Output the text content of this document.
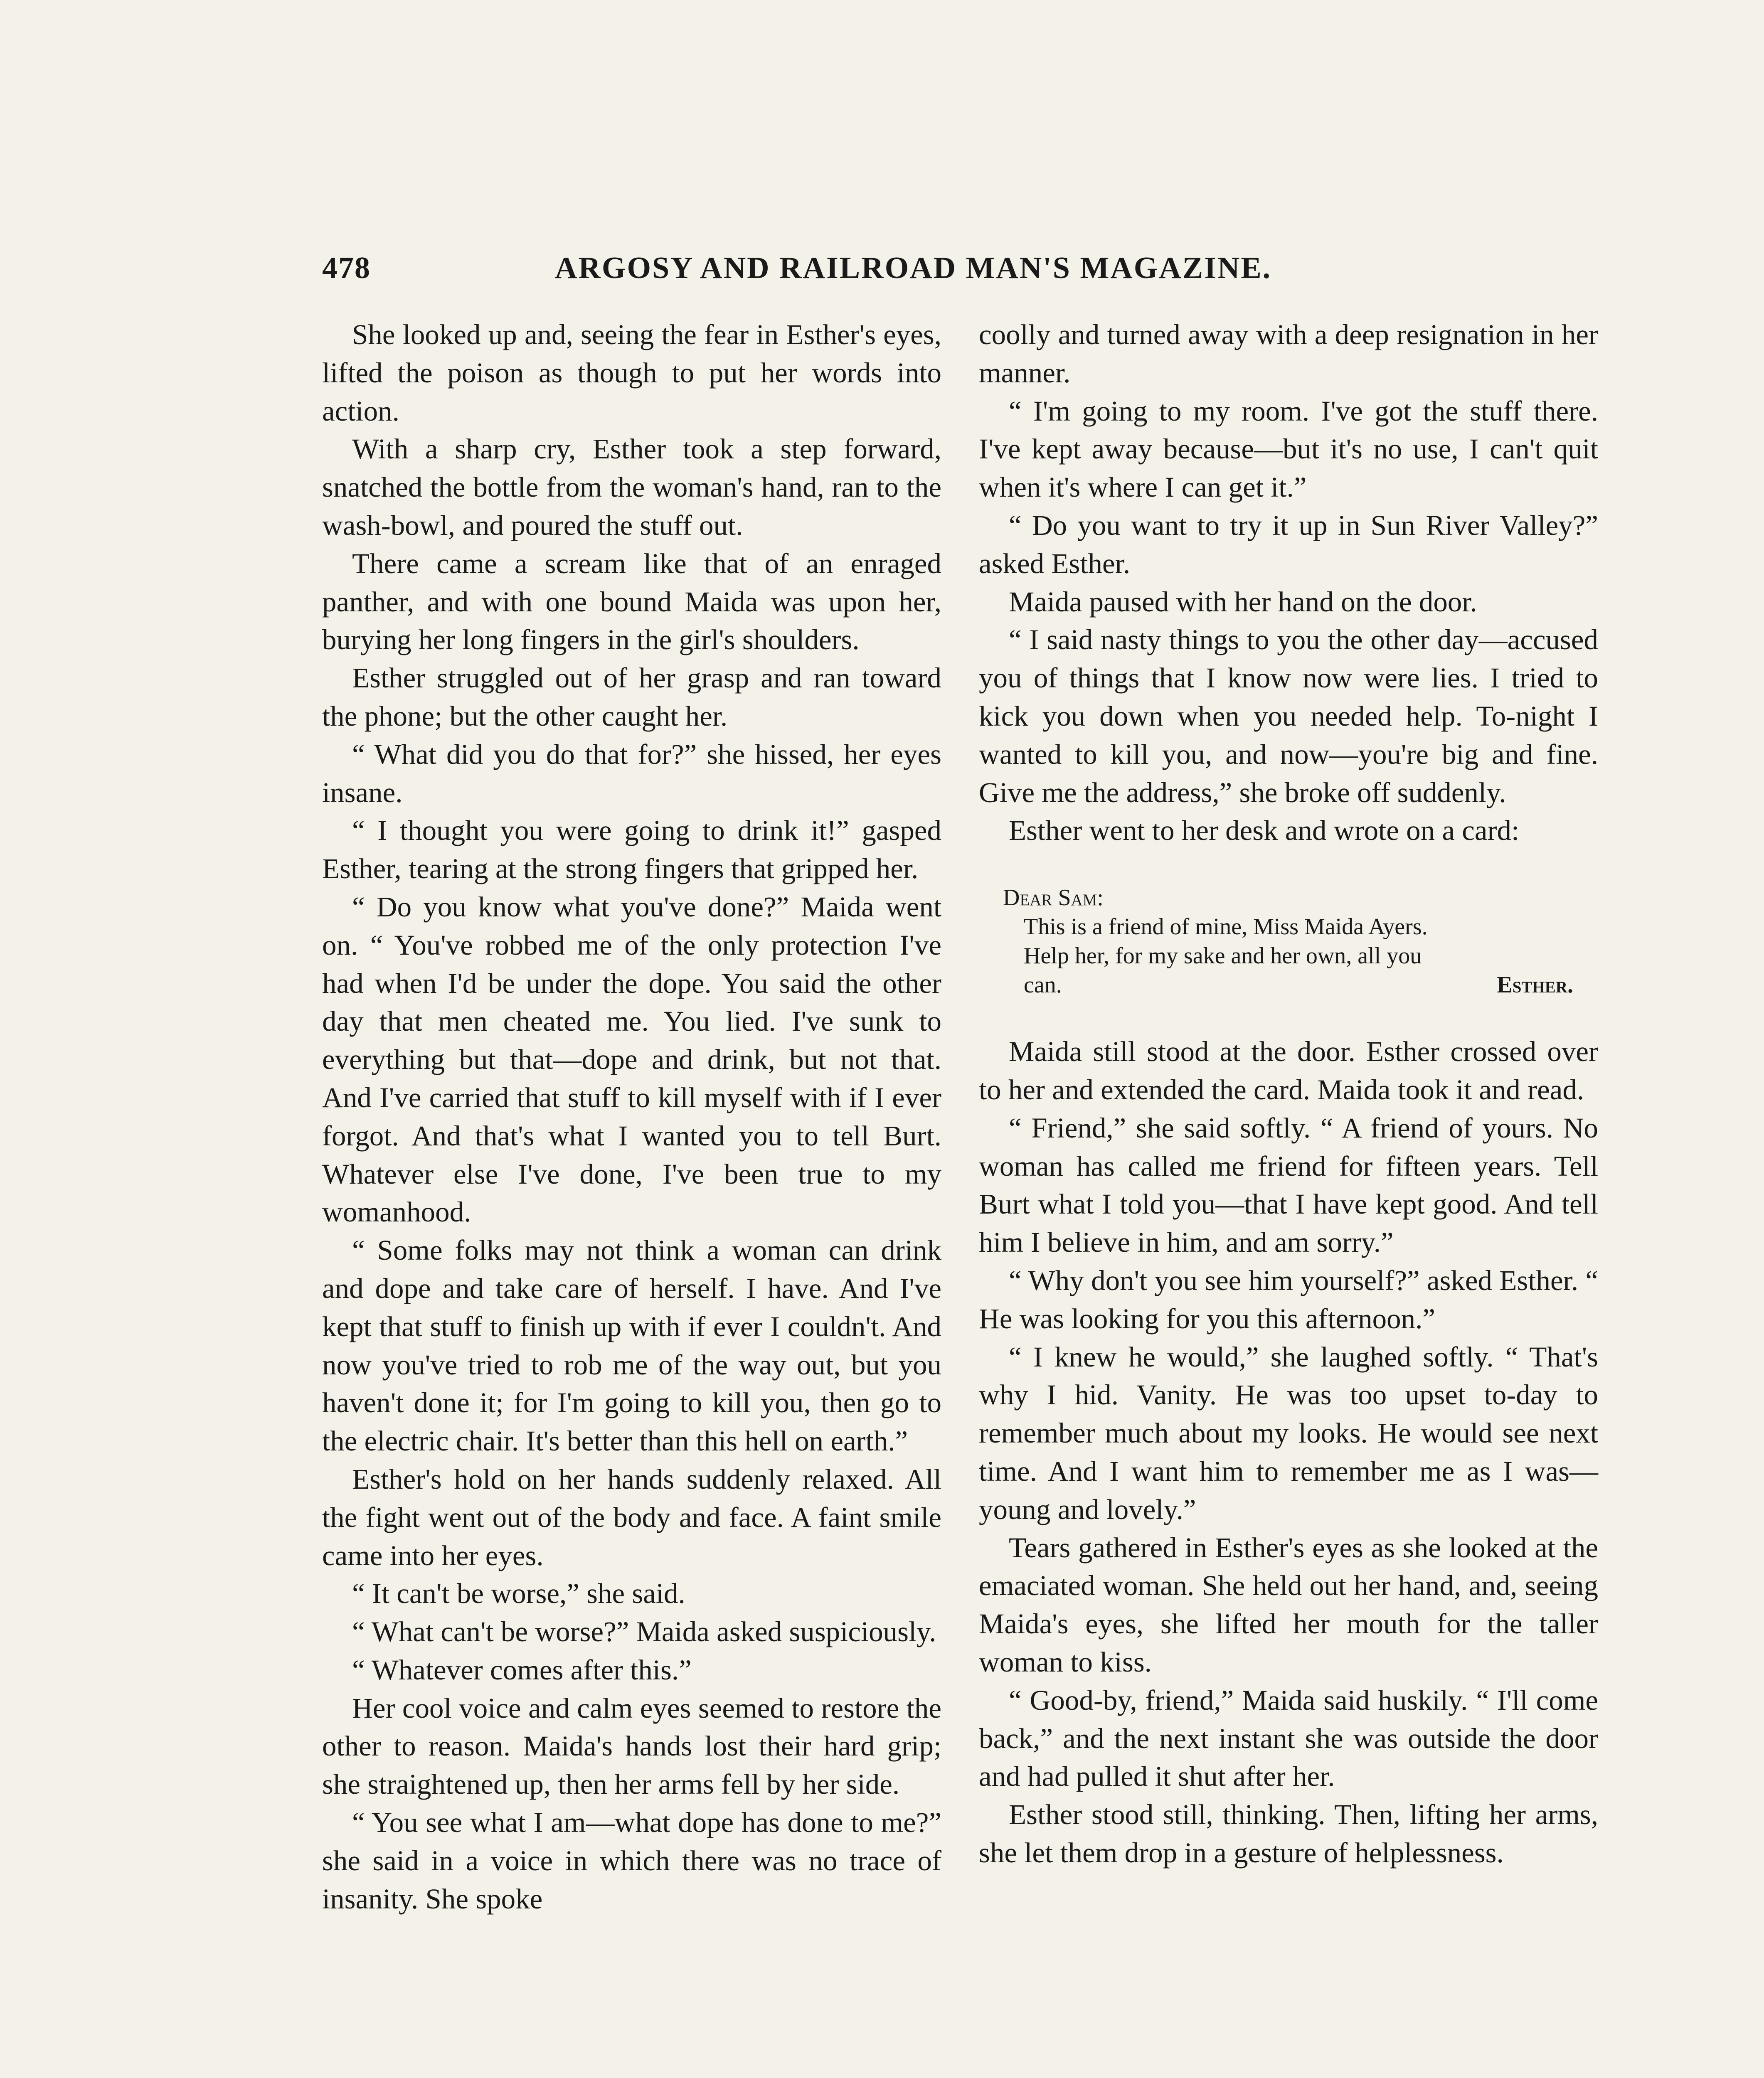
478	ARGOSY AND RAILROAD MAN'S MAGAZINE.

She looked up and, seeing the fear in Esther's eyes, lifted the poison as though to put her words into action.

With a sharp cry, Esther took a step forward, snatched the bottle from the woman's hand, ran to the wash-bowl, and poured the stuff out.

There came a scream like that of an enraged panther, and with one bound Maida was upon her, burying her long fingers in the girl's shoulders.

Esther struggled out of her grasp and ran toward the phone; but the other caught her.

“ What did you do that for?” she hissed, her eyes insane.

“ I thought you were going to drink it!” gasped Esther, tearing at the strong fingers that gripped her.

“ Do you know what you've done?” Maida went on. “ You've robbed me of the only protection I've had when I'd be under the dope. You said the other day that men cheated me. You lied. I've sunk to everything but that—dope and drink, but not that. And I've carried that stuff to kill myself with if I ever forgot. And that's what I wanted you to tell Burt. Whatever else I've done, I've been true to my womanhood.

“ Some folks may not think a woman can drink and dope and take care of herself. I have. And I've kept that stuff to finish up with if ever I couldn't. And now you've tried to rob me of the way out, but you haven't done it; for I'm going to kill you, then go to the electric chair. It's better than this hell on earth.”

Esther's hold on her hands suddenly relaxed. All the fight went out of the body and face. A faint smile came into her eyes.

“ It can't be worse,” she said.

“ What can't be worse?” Maida asked suspiciously.

“ Whatever comes after this.”

Her cool voice and calm eyes seemed to restore the other to reason. Maida's hands lost their hard grip; she straightened up, then her arms fell by her side.

“ You see what I am—what dope has done to me?” she said in a voice in which there was no trace of insanity. She spoke

coolly and turned away with a deep resignation in her manner.

“ I'm going to my room. I've got the stuff there. I've kept away because—but it's no use, I can't quit when it's where I can get it.”

“ Do you want to try it up in Sun River Valley?” asked Esther.

Maida paused with her hand on the door.

“ I said nasty things to you the other day—accused you of things that I know now were lies. I tried to kick you down when you needed help. To-night I wanted to kill you, and now—you're big and fine. Give me the address,” she broke off suddenly.

Esther went to her desk and wrote on a card:

Dear Sam:
This is a friend of mine, Miss Maida Ayers.
Help her, for my sake and her own, all you
can.	Esther.

Maida still stood at the door. Esther crossed over to her and extended the card. Maida took it and read.

“ Friend,” she said softly. “ A friend of yours. No woman has called me friend for fifteen years. Tell Burt what I told you—that I have kept good. And tell him I believe in him, and am sorry.”

“ Why don't you see him yourself?” asked Esther. “ He was looking for you this afternoon.”

“ I knew he would,” she laughed softly. “ That's why I hid. Vanity. He was too upset to-day to remember much about my looks. He would see next time. And I want him to remember me as I was—young and lovely.”

Tears gathered in Esther's eyes as she looked at the emaciated woman. She held out her hand, and, seeing Maida's eyes, she lifted her mouth for the taller woman to kiss.

“ Good-by, friend,” Maida said huskily. “ I'll come back,” and the next instant she was outside the door and had pulled it shut after her.

Esther stood still, thinking. Then, lifting her arms, she let them drop in a gesture of helplessness.
